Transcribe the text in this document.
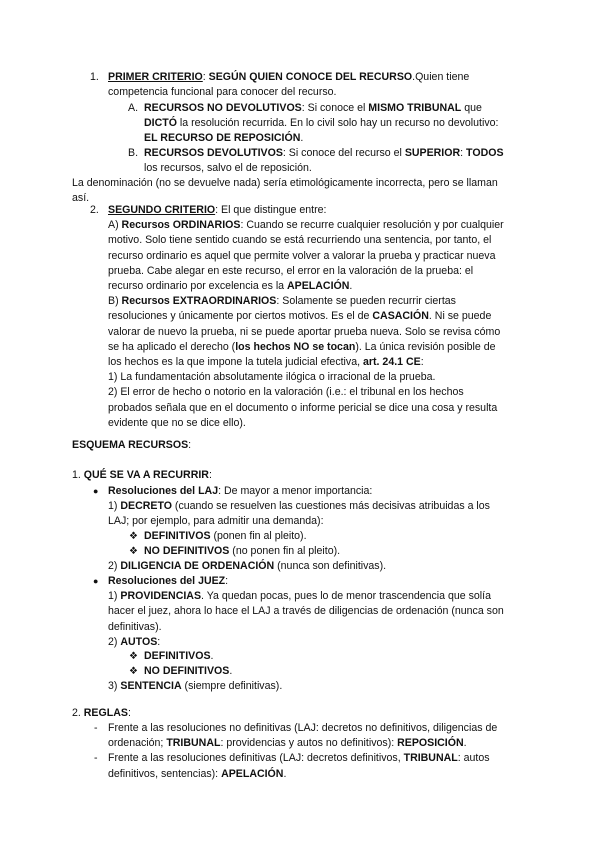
1. PRIMER CRITERIO: SEGÚN QUIEN CONOCE DEL RECURSO.Quien tiene
competencia funcional para conocer del recurso.
A. RECURSOS NO DEVOLUTIVOS: Si conoce el MISMO TRIBUNAL que
DICTÓ la resolución recurrida. En lo civil solo hay un recurso no devolutivo:
EL RECURSO DE REPOSICIÓN.
B. RECURSOS DEVOLUTIVOS: Si conoce del recurso el SUPERIOR: TODOS
los recursos, salvo el de reposición.
La denominación (no se devuelve nada) sería etimológicamente incorrecta, pero se llaman
así.
2. SEGUNDO CRITERIO: El que distingue entre:
A) Recursos ORDINARIOS: Cuando se recurre cualquier resolución y por cualquier
motivo. Solo tiene sentido cuando se está recurriendo una sentencia, por tanto, el
recurso ordinario es aquel que permite volver a valorar la prueba y practicar nueva
prueba. Cabe alegar en este recurso, el error en la valoración de la prueba: el
recurso ordinario por excelencia es la APELACIÓN.
B) Recursos EXTRAORDINARIOS: Solamente se pueden recurrir ciertas
resoluciones y únicamente por ciertos motivos. Es el de CASACIÓN. Ni se puede
valorar de nuevo la prueba, ni se puede aportar prueba nueva. Solo se revisa cómo
se ha aplicado el derecho (los hechos NO se tocan). La única revisión posible de
los hechos es la que impone la tutela judicial efectiva, art. 24.1 CE:
1) La fundamentación absolutamente ilógica o irracional de la prueba.
2) El error de hecho o notorio en la valoración (i.e.: el tribunal en los hechos
probados señala que en el documento o informe pericial se dice una cosa y resulta
evidente que no se dice ello).
ESQUEMA RECURSOS:
1. QUÉ SE VA A RECURRIR:
● Resoluciones del LAJ: De mayor a menor importancia:
1) DECRETO (cuando se resuelven las cuestiones más decisivas atribuidas a los
LAJ; por ejemplo, para admitir una demanda):
❖ DEFINITIVOS (ponen fin al pleito).
❖ NO DEFINITIVOS (no ponen fin al pleito).
2) DILIGENCIA DE ORDENACIÓN (nunca son definitivas).
● Resoluciones del JUEZ:
1) PROVIDENCIAS. Ya quedan pocas, pues lo de menor trascendencia que solía
hacer el juez, ahora lo hace el LAJ a través de diligencias de ordenación (nunca son
definitivas).
2) AUTOS:
❖ DEFINITIVOS.
❖ NO DEFINITIVOS.
3) SENTENCIA (siempre definitivas).
2. REGLAS:
- Frente a las resoluciones no definitivas (LAJ: decretos no definitivos, diligencias de
ordenación; TRIBUNAL: providencias y autos no definitivos): REPOSICIÓN.
- Frente a las resoluciones definitivas (LAJ: decretos definitivos, TRIBUNAL: autos
definitivos, sentencias): APELACIÓN.
